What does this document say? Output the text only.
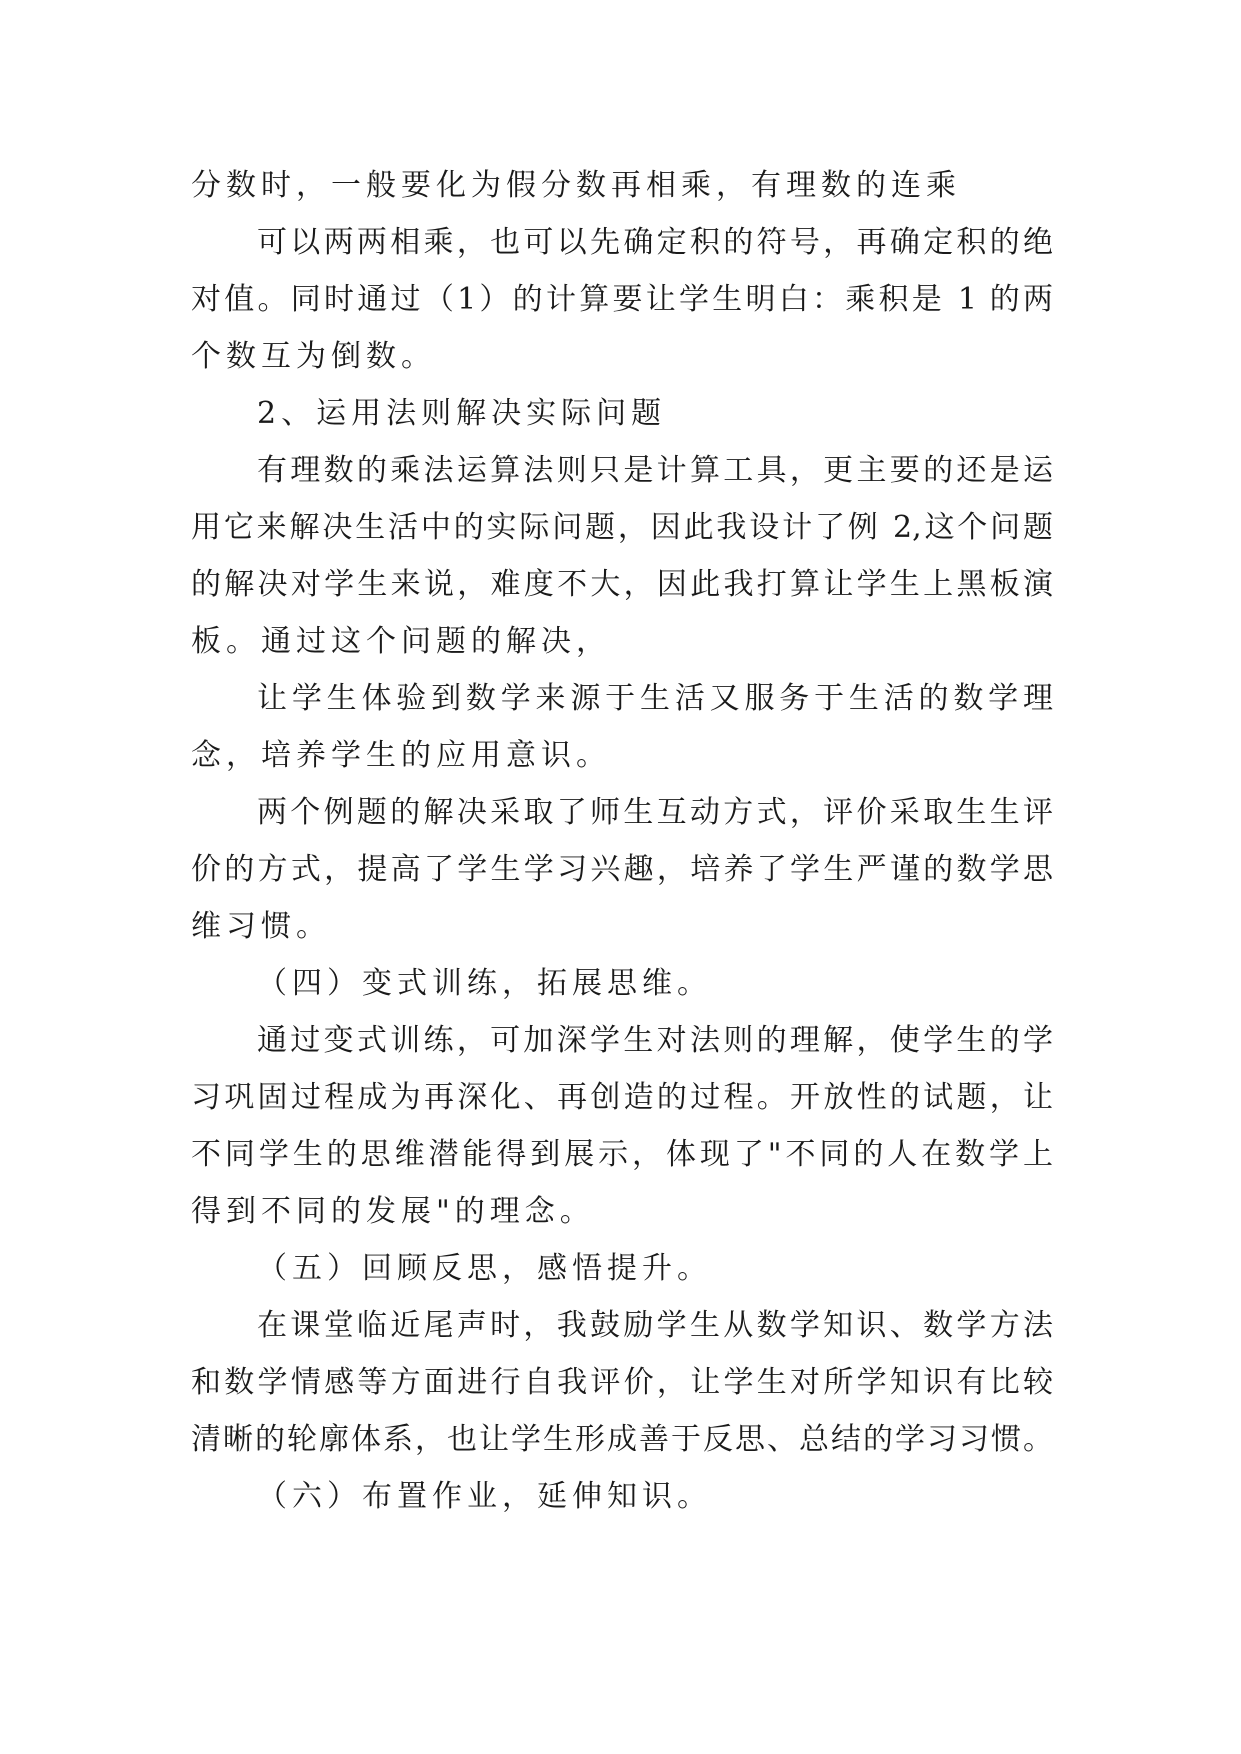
分数时，一般要化为假分数再相乘，有理数的连乘
可以两两相乘，也可以先确定积的符号，再确定积的绝
对值。同时通过（1）的计算要让学生明白：乘积是 1 的两
个数互为倒数。
2、运用法则解决实际问题
有理数的乘法运算法则只是计算工具，更主要的还是运
用它来解决生活中的实际问题，因此我设计了例 2,这个问题
的解决对学生来说，难度不大，因此我打算让学生上黑板演
板。通过这个问题的解决，
让学生体验到数学来源于生活又服务于生活的数学理
念，培养学生的应用意识。
两个例题的解决采取了师生互动方式，评价采取生生评
价的方式，提高了学生学习兴趣，培养了学生严谨的数学思
维习惯。
（四）变式训练，拓展思维。
通过变式训练，可加深学生对法则的理解，使学生的学
习巩固过程成为再深化、再创造的过程。开放性的试题，让
不同学生的思维潜能得到展示，体现了"不同的人在数学上
得到不同的发展"的理念。
（五）回顾反思，感悟提升。
在课堂临近尾声时，我鼓励学生从数学知识、数学方法
和数学情感等方面进行自我评价，让学生对所学知识有比较
清晰的轮廓体系，也让学生形成善于反思、总结的学习习惯。
（六）布置作业，延伸知识。
